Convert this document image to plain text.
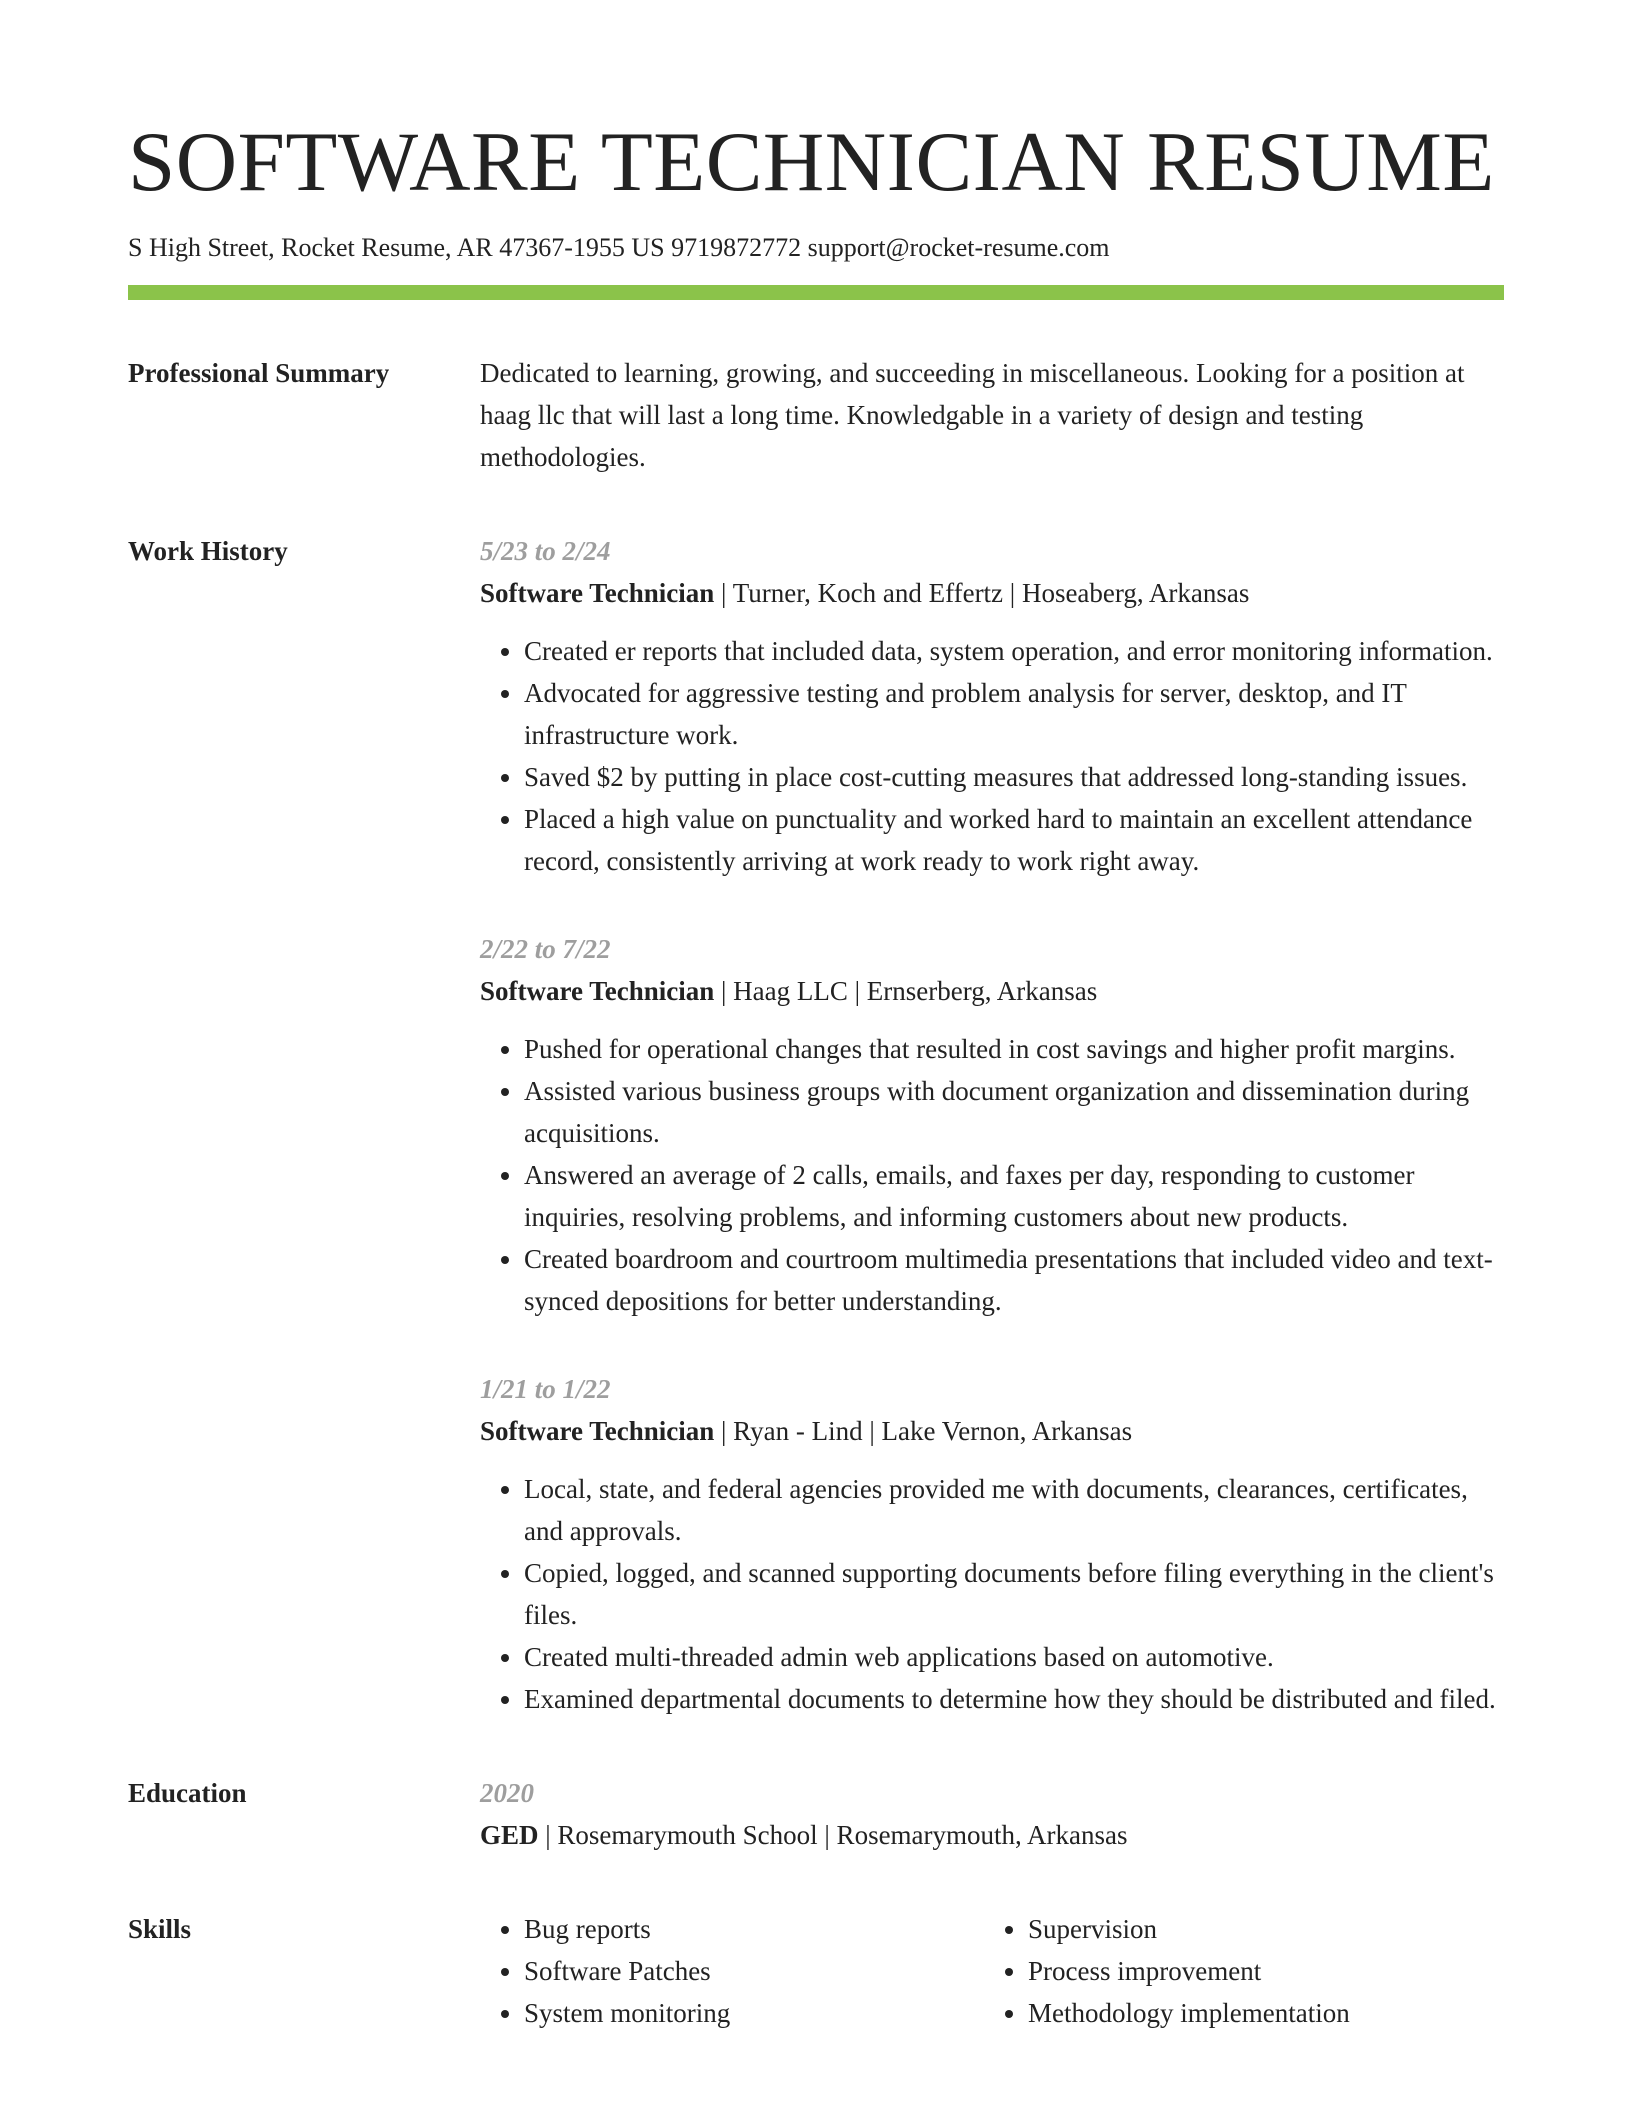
SOFTWARE TECHNICIAN RESUME
S High Street, Rocket Resume, AR 47367-1955 US 9719872772 support@rocket-resume.com
Professional Summary	Dedicated to learning, growing, and succeeding in miscellaneous. Looking for a position at haag llc that will last a long time. Knowledgable in a variety of design and testing methodologies.

Work History	5/23 to 2/24
Software Technician | Turner, Koch and Effertz | Hoseaberg, Arkansas
• Created er reports that included data, system operation, and error monitoring information.
• Advocated for aggressive testing and problem analysis for server, desktop, and IT infrastructure work.
• Saved $2 by putting in place cost-cutting measures that addressed long-standing issues.
• Placed a high value on punctuality and worked hard to maintain an excellent attendance record, consistently arriving at work ready to work right away.
2/22 to 7/22
Software Technician | Haag LLC | Ernserberg, Arkansas
• Pushed for operational changes that resulted in cost savings and higher profit margins.
• Assisted various business groups with document organization and dissemination during acquisitions.
• Answered an average of 2 calls, emails, and faxes per day, responding to customer inquiries, resolving problems, and informing customers about new products.
• Created boardroom and courtroom multimedia presentations that included video and text-synced depositions for better understanding.
1/21 to 1/22
Software Technician | Ryan - Lind | Lake Vernon, Arkansas
• Local, state, and federal agencies provided me with documents, clearances, certificates, and approvals.
• Copied, logged, and scanned supporting documents before filing everything in the client's files.
• Created multi-threaded admin web applications based on automotive.
• Examined departmental documents to determine how they should be distributed and filed.
Education	2020
GED | Rosemarymouth School | Rosemarymouth, Arkansas
Skills
•	Bug reports
• Software Patches
• System monitoring
• Supervision
• Process improvement
• Methodology implementation
